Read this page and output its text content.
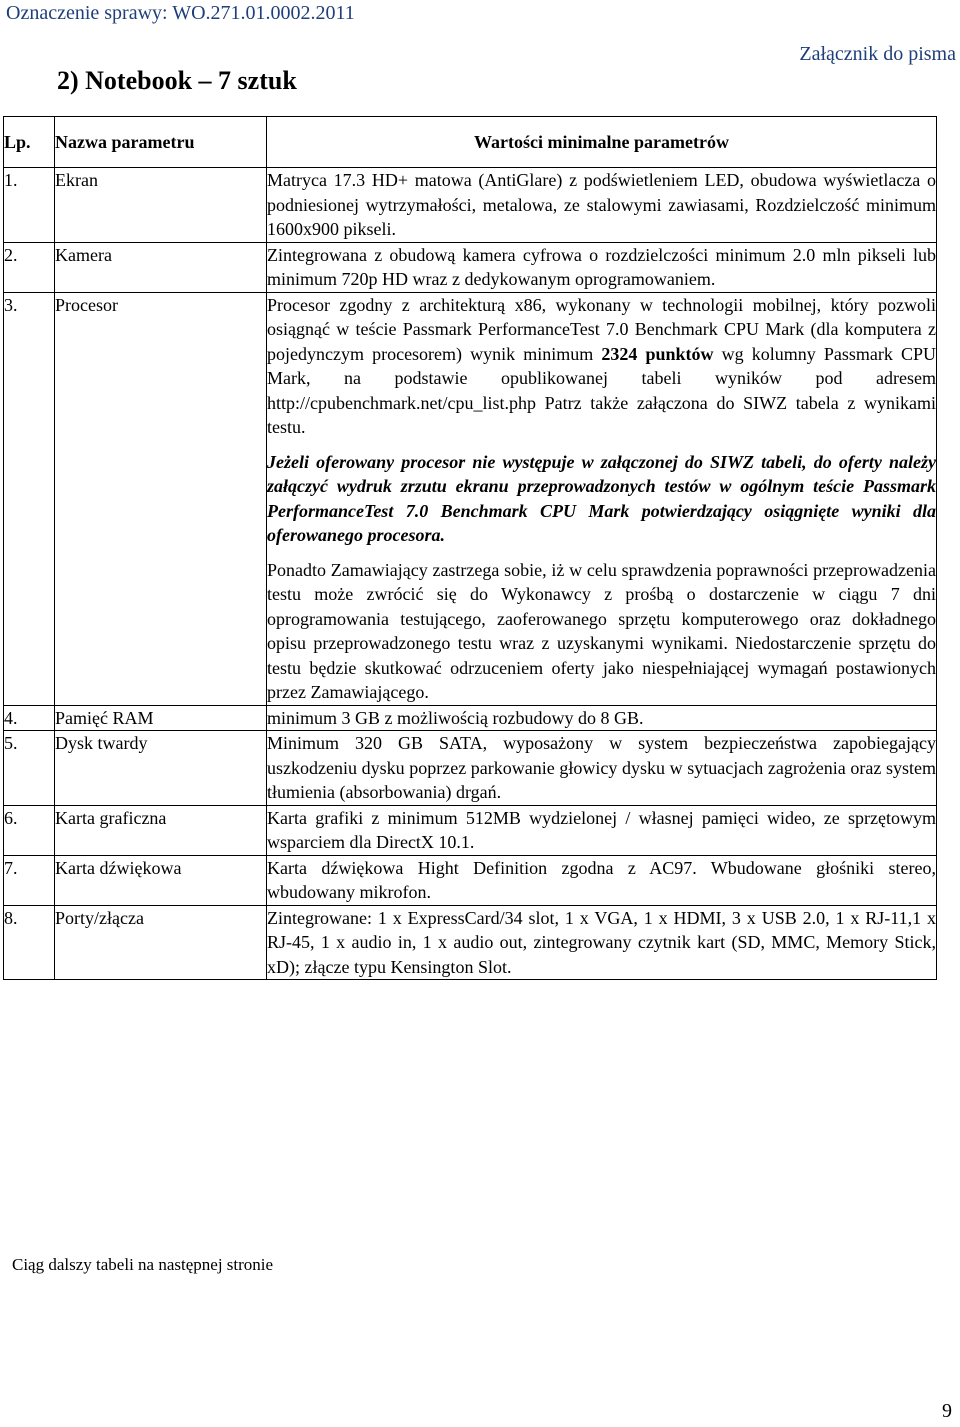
Oznaczenie sprawy: WO.271.01.0002.2011
Załącznik do pisma
2) Notebook – 7 sztuk
Lp.	Nazwa parametru	Wartości minimalne parametrów
1.	Ekran	Matryca 17.3 HD+ matowa (AntiGlare) z podświetleniem LED, obudowa wyświetlacza o podniesionej wytrzymałości, metalowa, ze stalowymi zawiasami, Rozdzielczość minimum 1600x900 pikseli.

2.	Kamera	Zintegrowana z obudową kamera cyfrowa o rozdzielczości minimum 2.0 mln pikseli lub minimum 720p HD wraz z dedykowanym oprogramowaniem.

3.	Procesor	Procesor zgodny z architekturą x86, wykonany w technologii mobilnej, który pozwoli osiągnąć w teście Passmark PerformanceTest 7.0 Benchmark CPU Mark (dla komputera z pojedynczym procesorem) wynik minimum 2324 punktów wg kolumny Passmark CPU Mark, na podstawie opublikowanej tabeli wyników pod adresem http://cpubenchmark.net/cpu_list.php Patrz także załączona do SIWZ tabela z wynikami testu.

Jeżeli oferowany procesor nie występuje w załączonej do SIWZ tabeli, do oferty należy załączyć wydruk zrzutu ekranu przeprowadzonych testów w ogólnym teście Passmark PerformanceTest 7.0 Benchmark CPU Mark potwierdzający osiągnięte wyniki dla oferowanego procesora.

Ponadto Zamawiający zastrzega sobie, iż w celu sprawdzenia poprawności przeprowadzenia testu może zwrócić się do Wykonawcy z prośbą o dostarczenie w ciągu 7 dni oprogramowania testującego, zaoferowanego sprzętu komputerowego oraz dokładnego opisu przeprowadzonego testu wraz z uzyskanymi wynikami. Niedostarczenie sprzętu do testu będzie skutkować odrzuceniem oferty jako niespełniającej wymagań postawionych przez Zamawiającego.

4.	Pamięć RAM	minimum 3 GB z możliwością rozbudowy do 8 GB.

5.	Dysk twardy	Minimum 320 GB SATA, wyposażony w system bezpieczeństwa zapobiegający uszkodzeniu dysku poprzez parkowanie głowicy dysku w sytuacjach zagrożenia oraz system tłumienia (absorbowania) drgań.

6.	Karta graficzna	Karta grafiki z minimum 512MB wydzielonej / własnej pamięci wideo, ze sprzętowym wsparciem dla DirectX 10.1.

7.	Karta dźwiękowa	Karta dźwiękowa Hight Definition zgodna z AC97. Wbudowane głośniki stereo, wbudowany mikrofon.

8.	Porty/złącza	Zintegrowane: 1 x ExpressCard/34 slot, 1 x VGA, 1 x HDMI, 3 x USB 2.0, 1 x RJ-11,1 x RJ-45, 1 x audio in, 1 x audio out, zintegrowany czytnik kart (SD, MMC, Memory Stick, xD); złącze typu Kensington Slot.

Ciąg dalszy tabeli na następnej stronie
9
